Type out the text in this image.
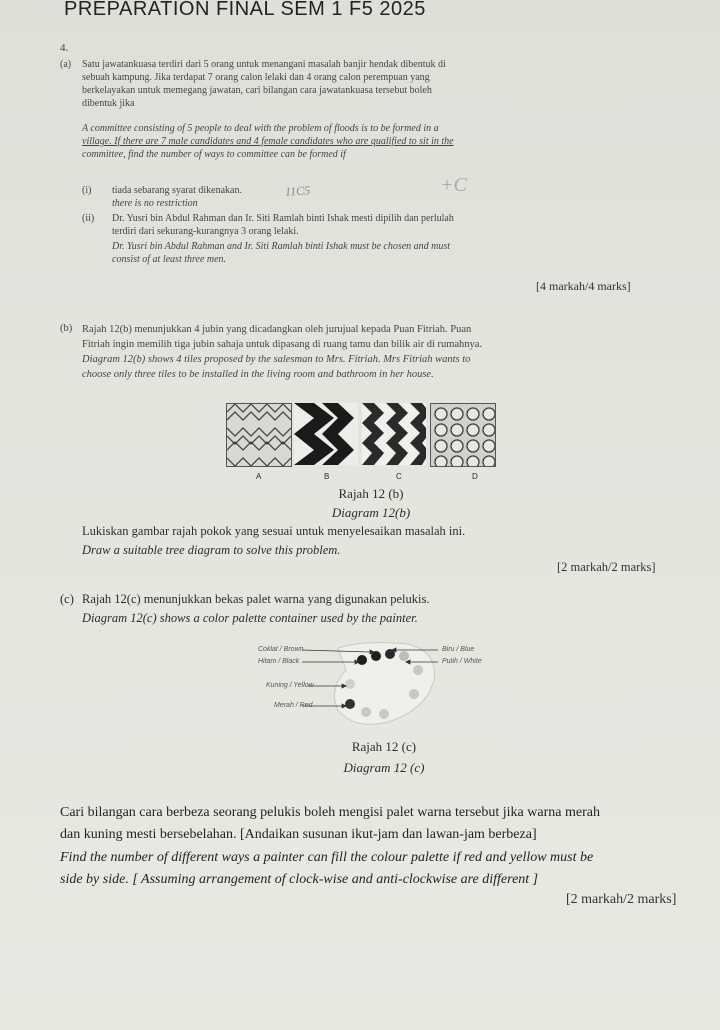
PREPARATION FINAL SEM 1 F5 2025
4.
(a) Satu jawatankuasa terdiri dari 5 orang untuk menangani masalah banjir hendak dibentuk di
sebuah kampung. Jika terdapat 7 orang calon lelaki dan 4 orang calon perempuan yang
berkelayakan untuk memegang jawatan, cari bilangan cara jawatankuasa tersebut boleh
dibentuk jika
A committee consisting of 5 people to deal with the problem of floods is to be formed in a
village. If there are 7 male candidates and 4 female candidates who are qualified to sit in the
committee, find the number of ways to committee can be formed if
11C5	+C
(i) tiada sebarang syarat dikenakan.
there is no restriction
(ii) Dr. Yusri bin Abdul Rahman dan Ir. Siti Ramlah binti Ishak mesti dipilih dan perlulah
terdiri dari sekurang-kurangnya 3 orang lelaki.
Dr. Yusri bin Abdul Rahman and Ir. Siti Ramlah binti Ishak must be chosen and must
consist of at least three men.
[4 markah/4 marks]
(b) Rajah 12(b) menunjukkan 4 jubin yang dicadangkan oleh jurujual kepada Puan Fitriah. Puan
Fitriah ingin memilih tiga jubin sahaja untuk dipasang di ruang tamu dan bilik air di rumahnya.
Diagram 12(b) shows 4 tiles proposed by the salesman to Mrs. Fitriah. Mrs Fitriah wants to
choose only three tiles to be installed in the living room and bathroom in her house.
A	B	C	D
Rajah 12 (b)
Diagram 12(b)
Lukiskan gambar rajah pokok yang sesuai untuk menyelesaikan masalah ini.
Draw a suitable tree diagram to solve this problem.
[2 markah/2 marks]
(c) Rajah 12(c) menunjukkan bekas palet warna yang digunakan pelukis.
Diagram 12(c) shows a color palette container used by the painter.
Coklat / Brown
Hitam / Black
Kuning / Yellow
Merah / Red
Biru / Blue
Putih / White
Rajah 12 (c)
Diagram 12 (c)
Cari bilangan cara berbeza seorang pelukis boleh mengisi palet warna tersebut jika warna merah
dan kuning mesti bersebelahan. [Andaikan susunan ikut-jam dan lawan-jam berbeza]
Find the number of different ways a painter can fill the colour palette if red and yellow must be
side by side. [ Assuming arrangement of clock-wise and anti-clockwise are different ]
[2 markah/2 marks]
